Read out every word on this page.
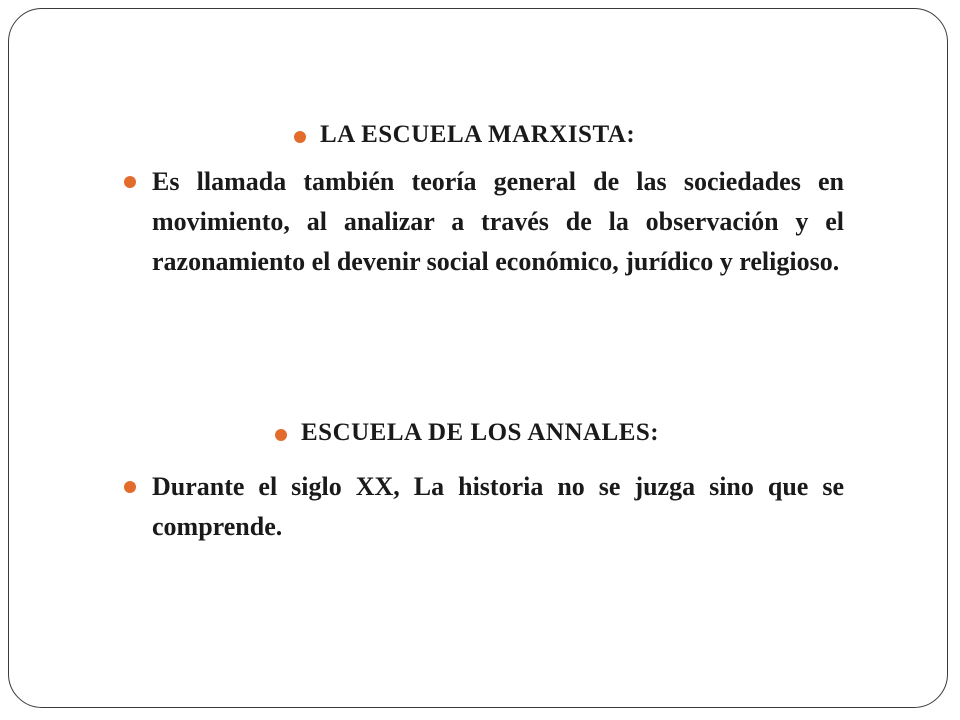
LA ESCUELA MARXISTA:
Es llamada también teoría general de las sociedades en movimiento, al analizar a través de la observación y el razonamiento el devenir social económico, jurídico y religioso.
ESCUELA DE LOS ANNALES:
Durante el siglo XX, La historia no se juzga sino que se comprende.
